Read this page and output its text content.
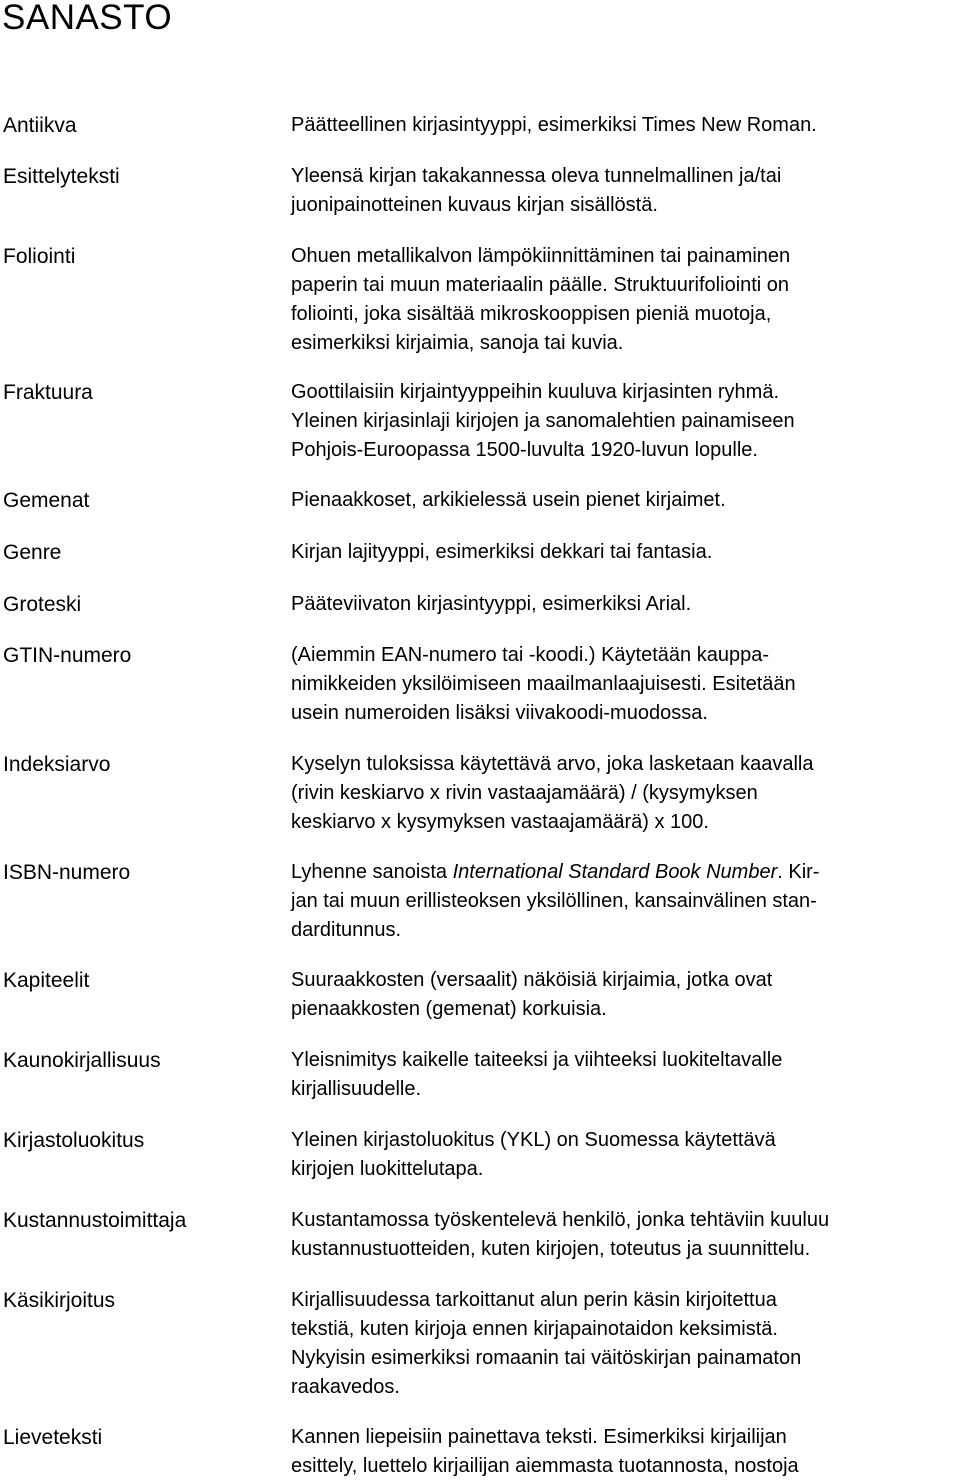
SANASTO
Antiikva	Päätteellinen kirjasintyyppi, esimerkiksi Times New Roman.
Esittelyteksti	Yleensä kirjan takakannessa oleva tunnelmallinen ja/tai
juonipainotteinen kuvaus kirjan sisällöstä.
Foliointi	Ohuen metallikalvon lämpökiinnittäminen tai painaminen
paperin tai muun materiaalin päälle. Struktuurifoliointi on
foliointi, joka sisältää mikroskooppisen pieniä muotoja,
esimerkiksi kirjaimia, sanoja tai kuvia.
Fraktuura	Goottilaisiin kirjaintyyppeihin kuuluva kirjasinten ryhmä.
Yleinen kirjasinlaji kirjojen ja sanomalehtien painamiseen
Pohjois-Euroopassa 1500-luvulta 1920-luvun lopulle.
Gemenat	Pienaakkoset, arkikielessä usein pienet kirjaimet.
Genre	Kirjan lajityyppi, esimerkiksi dekkari tai fantasia.
Groteski	Pääteviivaton kirjasintyyppi, esimerkiksi Arial.
GTIN-numero	(Aiemmin EAN-numero tai -koodi.) Käytetään kauppa-
nimikkeiden yksilöimiseen maailmanlaajuisesti. Esitetään
usein numeroiden lisäksi viivakoodi-muodossa.
Indeksiarvo	Kyselyn tuloksissa käytettävä arvo, joka lasketaan kaavalla
(rivin keskiarvo x rivin vastaajamäärä) / (kysymyksen
keskiarvo x kysymyksen vastaajamäärä) x 100.
ISBN-numero	Lyhenne sanoista International Standard Book Number. Kir-
jan tai muun erillisteoksen yksilöllinen, kansainvälinen stan-
darditunnus.
Kapiteelit	Suuraakkosten (versaalit) näköisiä kirjaimia, jotka ovat
pienaakkosten (gemenat) korkuisia.
Kaunokirjallisuus	Yleisnimitys kaikelle taiteeksi ja viihteeksi luokiteltavalle
kirjallisuudelle.
Kirjastoluokitus	Yleinen kirjastoluokitus (YKL) on Suomessa käytettävä
kirjojen luokittelutapa.
Kustannustoimittaja	Kustantamossa työskentelevä henkilö, jonka tehtäviin kuuluu
kustannustuotteiden, kuten kirjojen, toteutus ja suunnittelu.
Käsikirjoitus	Kirjallisuudessa tarkoittanut alun perin käsin kirjoitettua
tekstiä, kuten kirjoja ennen kirjapainotaidon keksimistä.
Nykyisin esimerkiksi romaanin tai väitöskirjan painamaton
raakavedos.
Lieveteksti	Kannen liepeisiin painettava teksti. Esimerkiksi kirjailijan
esittely, luettelo kirjailijan aiemmasta tuotannosta, nostoja
